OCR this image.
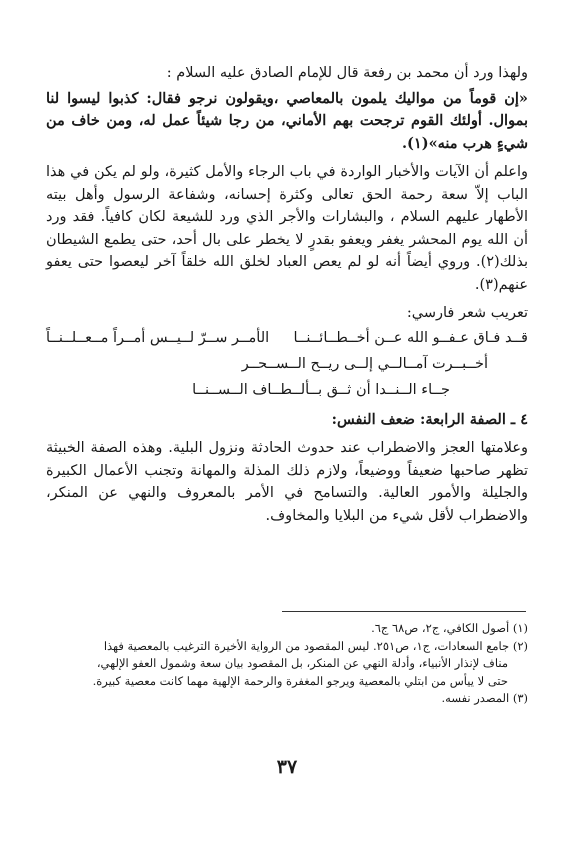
ولهذا ورد أن محمد بن رفعة قال للإمام الصادق عليه السلام :
«إن قوماً من مواليك يلمون بالمعاصي ،ويقولون نرجو فقال: كذبوا ليسوا لنا بموال. أولئك القوم ترجحت بهم الأماني، من رجا شيئاً عمل له، ومن خاف من شيءٍ هرب منه»(١).
واعلم أن الآيات والأخبار الواردة في باب الرجاء والأمل كثيرة، ولو لم يكن في هذا الباب إلاّ سعة رحمة الحق تعالى وكثرة إحسانه، وشفاعة الرسول وأهل بيته الأطهار عليهم السلام ، والبشارات والأجر الذي ورد للشيعة لكان كافياً. فقد ورد أن الله يوم المحشر يغفر ويعفو بقدرٍ لا يخطر على بال أحد، حتى يطمع الشيطان بذلك(٢). وروي أيضاً أنه لو لم يعص العباد لخلق الله خلقاً آخر ليعصوا حتى يعفو عنهم(٣).
تعريب شعر فارسي:
قــد فـاق عـفــو الله عــن أخــطــائــنــا
الأمــر ســرّ لــيــس أمــراً مــعــلــنــاً
أخــبــرت آمــالــي إلــى ريــح الــســحــر
جــاء الــنــدا أن ثــق بــألــطــاف الــســنــا
٤ ـ الصفة الرابعة: ضعف النفس:
وعلامتها العجز والاضطراب عند حدوث الحادثة ونزول البلية. وهذه الصفة الخبيثة تظهر صاحبها ضعيفاً ووضيعاً، ولازم ذلك المذلة والمهانة وتجنب الأعمال الكبيرة والجليلة والأمور العالية. والتسامح في الأمر بالمعروف والنهي عن المنكر، والاضطراب لأقل شيء من البلايا والمخاوف.
(١) أصول الكافي، ج٢، ص٦٨ ج٦.
(٢) جامع السعادات، ج١، ص٢٥١. ليس المقصود من الرواية الأخيرة الترغيب بالمعصية فهذا
مناف لإنذار الأنبياء، وأدلة النهي عن المنكر، بل المقصود بيان سعة وشمول العفو الإلهي،
حتى لا ييأس من ابتلي بالمعصية ويرجو المغفرة والرحمة الإلهية مهما كانت معصية كبيرة.
(٣) المصدر نفسه.
٣٧
